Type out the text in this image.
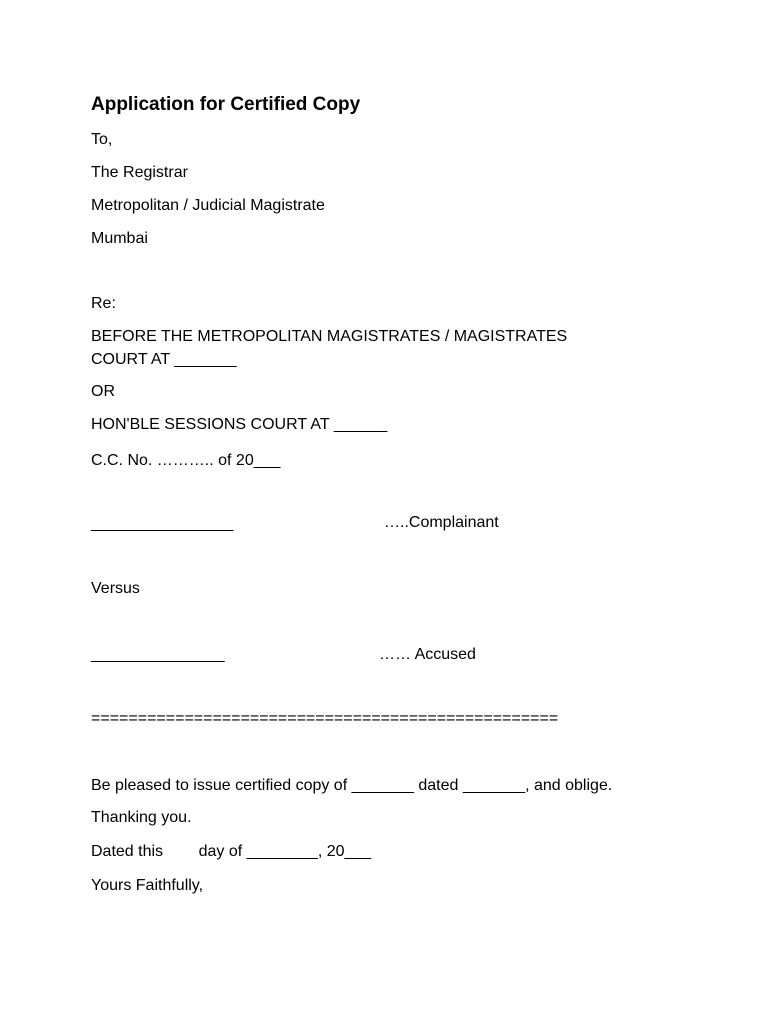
Application for Certified Copy
To,
The Registrar
Metropolitan / Judicial Magistrate
Mumbai
Re:
BEFORE THE METROPOLITAN MAGISTRATES / MAGISTRATES
COURT AT _______
OR
HON'BLE SESSIONS COURT AT ______
C.C. No. ……….. of 20___
________________	…..Complainant
Versus
_______________	…… Accused
==================================================
Be pleased to issue certified copy of _______ dated _______, and oblige.
Thanking you.
Dated this        day of ________, 20___
Yours Faithfully,
